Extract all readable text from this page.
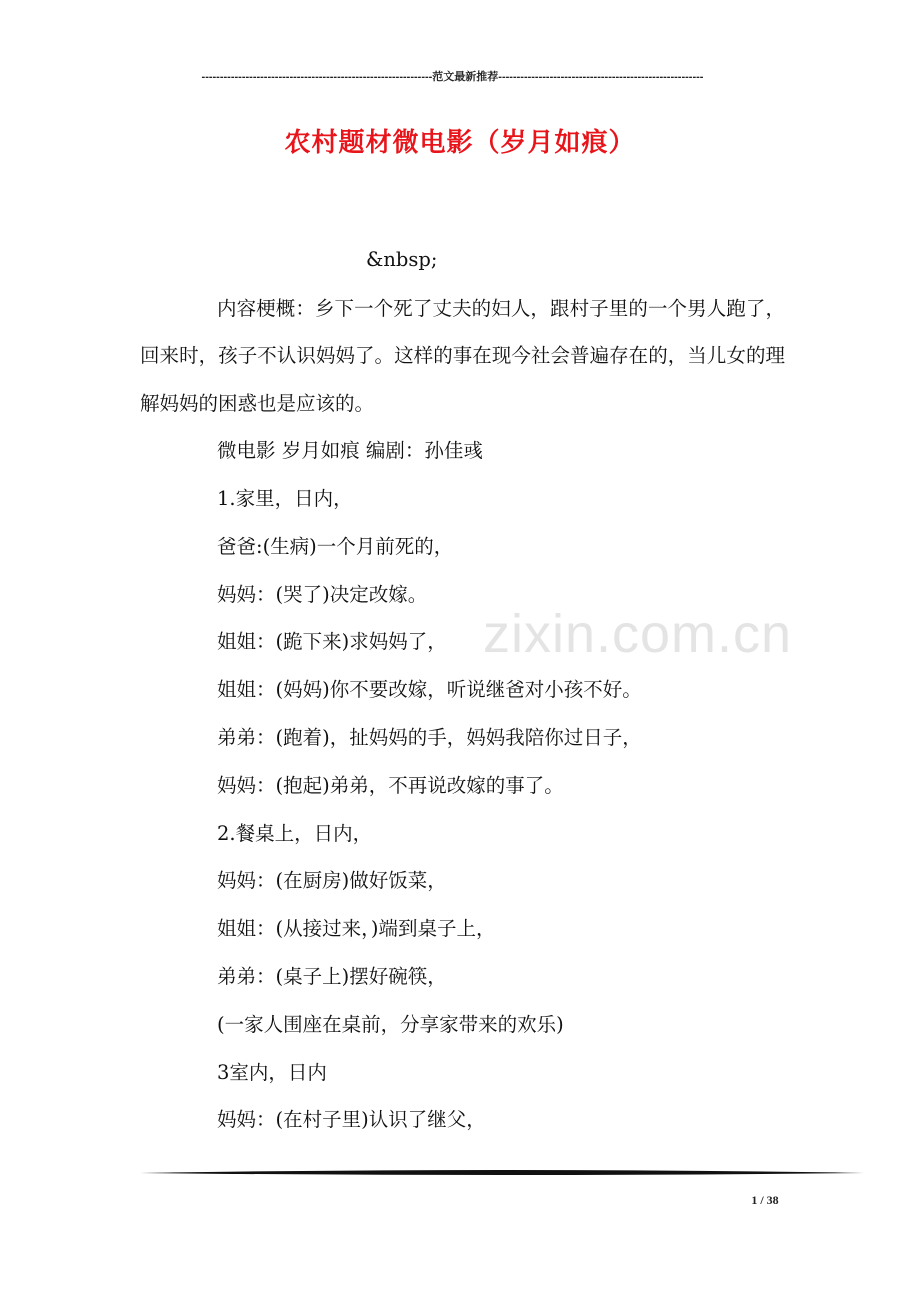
---------------------------------------------------------------范文最新推荐--------------------------------------------------------
农村题材微电影（岁月如痕）
zixin.com.cn

&nbsp;

内容梗概：乡下一个死了丈夫的妇人，跟村子里的一个男人跑了，回来时，孩子不认识妈妈了。这样的事在现今社会普遍存在的，当儿女的理解妈妈的困惑也是应该的。

微电影 岁月如痕 编剧：孙佳彧

1.家里，日内，

爸爸:(生病)一个月前死的，

妈妈：(哭了)决定改嫁。

姐姐：(跪下来)求妈妈了，

姐姐：(妈妈)你不要改嫁，听说继爸对小孩不好。

弟弟：(跑着)，扯妈妈的手，妈妈我陪你过日子，

妈妈：(抱起)弟弟，不再说改嫁的事了。

2.餐桌上，日内，

妈妈：(在厨房)做好饭菜，

姐姐：(从接过来，)端到桌子上，

弟弟：(桌子上)摆好碗筷，

(一家人围座在桌前，分享家带来的欢乐)

3室内，日内

妈妈：(在村子里)认识了继父，

1 / 38
